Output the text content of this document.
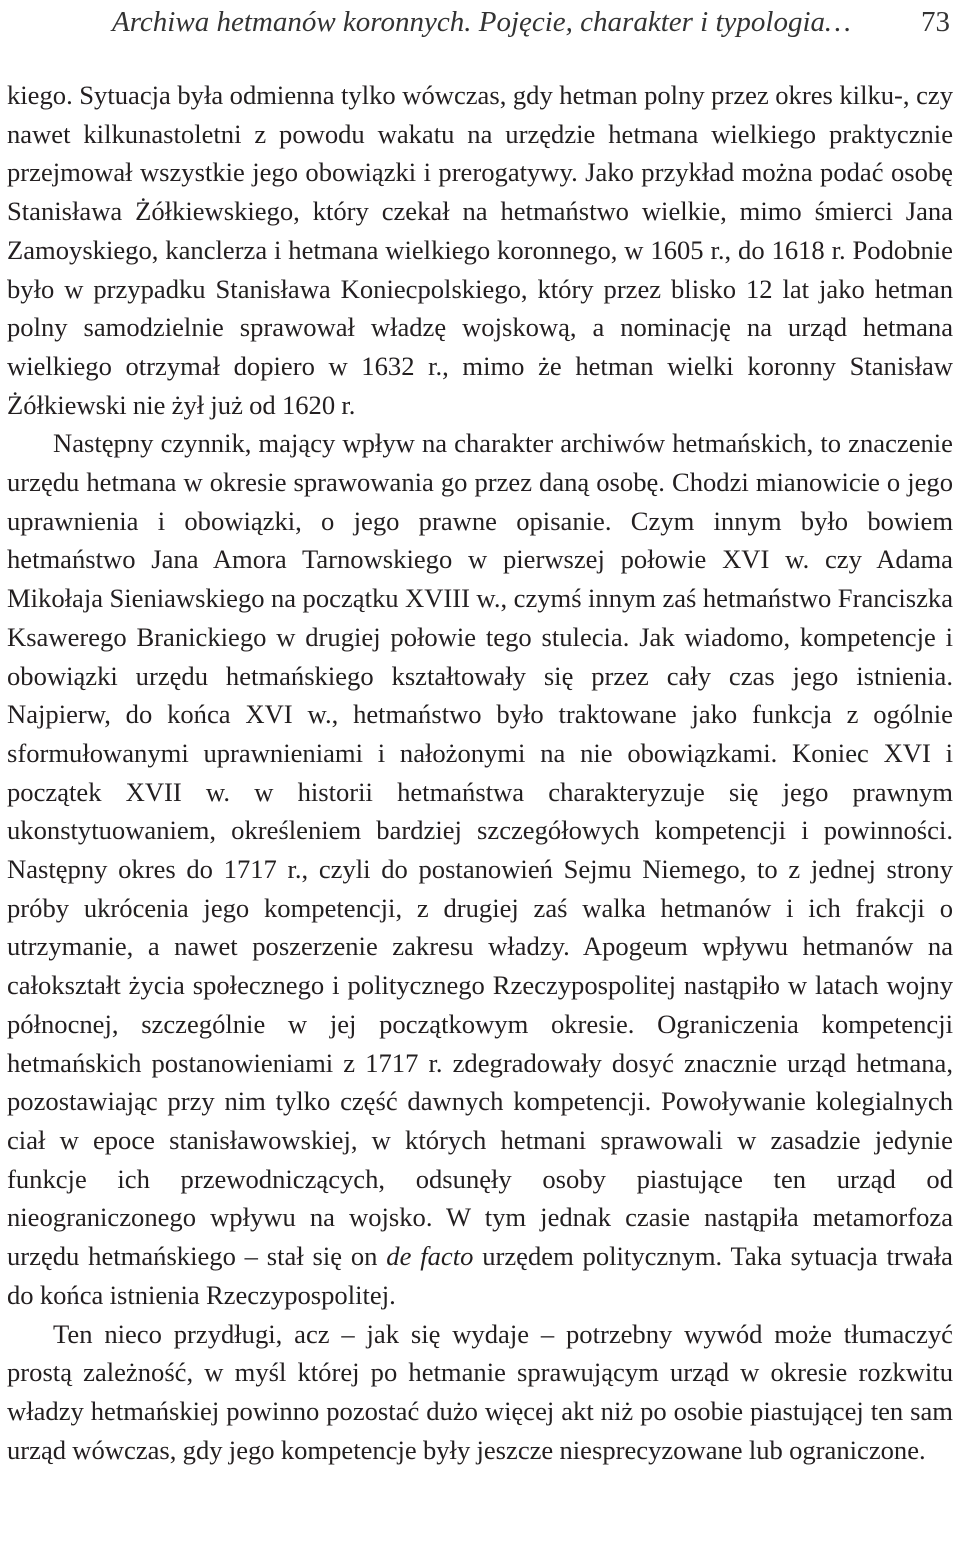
Archiwa hetmanów koronnych. Pojęcie, charakter i typologia… 73

kiego. Sytuacja była odmienna tylko wówczas, gdy hetman polny przez okres kilku-, czy nawet kilkunastoletni z powodu wakatu na urzędzie hetmana wielkiego praktycznie przejmował wszystkie jego obowiązki i prerogatywy. Jako przykład można podać osobę Stanisława Żółkiewskiego, który czekał na hetmaństwo wielkie, mimo śmierci Jana Zamoyskiego, kanclerza i hetmana wielkiego koronnego, w 1605 r., do 1618 r. Podobnie było w przypadku Stanisława Koniecpolskiego, który przez blisko 12 lat jako hetman polny samodzielnie sprawował władzę wojskową, a nominację na urząd hetmana wielkiego otrzymał dopiero w 1632 r., mimo że hetman wielki koronny Stanisław Żółkiewski nie żył już od 1620 r.

Następny czynnik, mający wpływ na charakter archiwów hetmańskich, to znaczenie urzędu hetmana w okresie sprawowania go przez daną osobę. Chodzi mianowicie o jego uprawnienia i obowiązki, o jego prawne opisanie. Czym innym było bowiem hetmaństwo Jana Amora Tarnowskiego w pierwszej połowie XVI w. czy Adama Mikołaja Sieniawskiego na początku XVIII w., czymś innym zaś hetmaństwo Franciszka Ksawerego Branickiego w drugiej połowie tego stulecia. Jak wiadomo, kompetencje i obowiązki urzędu hetmańskiego kształtowały się przez cały czas jego istnienia. Najpierw, do końca XVI w., hetmaństwo było traktowane jako funkcja z ogólnie sformułowanymi uprawnieniami i nałożonymi na nie obowiązkami. Koniec XVI i początek XVII w. w historii hetmaństwa charakteryzuje się jego prawnym ukonstytuowaniem, określeniem bardziej szczegółowych kompetencji i powinności. Następny okres do 1717 r., czyli do postanowień Sejmu Niemego, to z jednej strony próby ukrócenia jego kompetencji, z drugiej zaś walka hetmanów i ich frakcji o utrzymanie, a nawet poszerzenie zakresu władzy. Apogeum wpływu hetmanów na całokształt życia społecznego i politycznego Rzeczypospolitej nastąpiło w latach wojny północnej, szczególnie w jej początkowym okresie. Ograniczenia kompetencji hetmańskich postanowieniami z 1717 r. zdegradowały dosyć znacznie urząd hetmana, pozostawiając przy nim tylko część dawnych kompetencji. Powoływanie kolegialnych ciał w epoce stanisławowskiej, w których hetmani sprawowali w zasadzie jedynie funkcje ich przewodniczących, odsunęły osoby piastujące ten urząd od nieograniczonego wpływu na wojsko. W tym jednak czasie nastąpiła metamorfoza urzędu hetmańskiego – stał się on de facto urzędem politycznym. Taka sytuacja trwała do końca istnienia Rzeczypospolitej.

Ten nieco przydługi, acz – jak się wydaje – potrzebny wywód może tłumaczyć prostą zależność, w myśl której po hetmanie sprawującym urząd w okresie rozkwitu władzy hetmańskiej powinno pozostać dużo więcej akt niż po osobie piastującej ten sam urząd wówczas, gdy jego kompetencje były jeszcze niesprecyzowane lub ograniczone.
